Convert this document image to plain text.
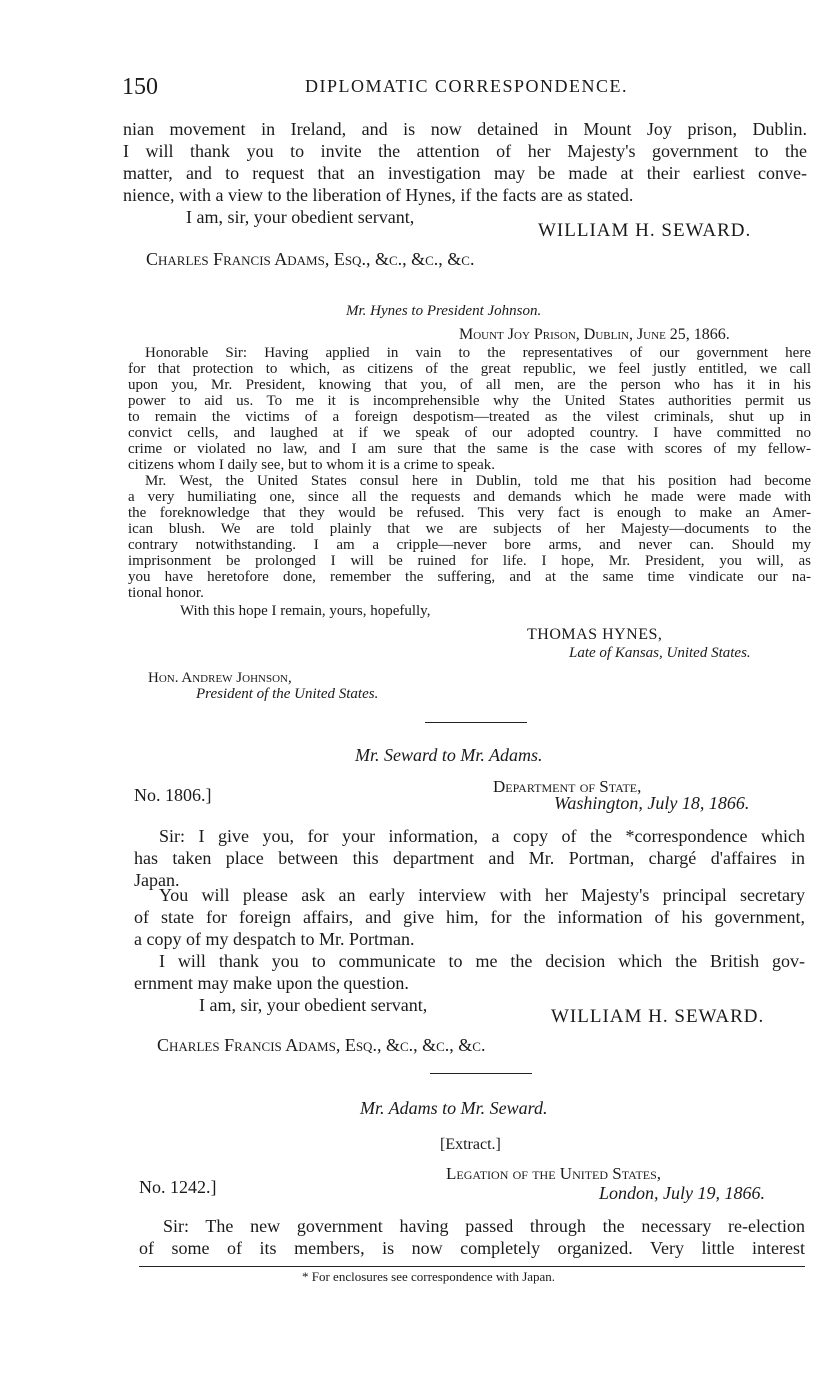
150	DIPLOMATIC CORRESPONDENCE.
nian movement in Ireland, and is now detained in Mount Joy prison, Dublin.
I will thank you to invite the attention of her Majesty's government to the
matter, and to request that an investigation may be made at their earliest conve-
nience, with a view to the liberation of Hynes, if the facts are as stated.
I am, sir, your obedient servant,
WILLIAM H. SEWARD.
Charles Francis Adams, Esq., &c., &c., &c.
Mr. Hynes to President Johnson.
Mount Joy Prison, Dublin, June 25, 1866.
Honorable Sir: Having applied in vain to the representatives of our government here
for that protection to which, as citizens of the great republic, we feel justly entitled, we call
upon you, Mr. President, knowing that you, of all men, are the person who has it in his
power to aid us. To me it is incomprehensible why the United States authorities permit us
to remain the victims of a foreign despotism—treated as the vilest criminals, shut up in
convict cells, and laughed at if we speak of our adopted country. I have committed no
crime or violated no law, and I am sure that the same is the case with scores of my fellow-
citizens whom I daily see, but to whom it is a crime to speak.
Mr. West, the United States consul here in Dublin, told me that his position had become
a very humiliating one, since all the requests and demands which he made were made with
the foreknowledge that they would be refused. This very fact is enough to make an Amer-
ican blush. We are told plainly that we are subjects of her Majesty—documents to the
contrary notwithstanding. I am a cripple—never bore arms, and never can. Should my
imprisonment be prolonged I will be ruined for life. I hope, Mr. President, you will, as
you have heretofore done, remember the suffering, and at the same time vindicate our na-
tional honor.
With this hope I remain, yours, hopefully,
THOMAS HYNES,
Late of Kansas, United States.
Hon. Andrew Johnson,
President of the United States.
Mr. Seward to Mr. Adams.
No. 1806.]	Department of State,
Washington, July 18, 1866.
Sir: I give you, for your information, a copy of the *correspondence which
has taken place between this department and Mr. Portman, chargé d'affaires in
Japan.
You will please ask an early interview with her Majesty's principal secretary
of state for foreign affairs, and give him, for the information of his government,
a copy of my despatch to Mr. Portman.
I will thank you to communicate to me the decision which the British gov-
ernment may make upon the question.
I am, sir, your obedient servant,
WILLIAM H. SEWARD.
Charles Francis Adams, Esq., &c., &c., &c.
Mr. Adams to Mr. Seward.
[Extract.]
No. 1242.]
Legation of the United States,
London, July 19, 1866.
Sir: The new government having passed through the necessary re-election
of some of its members, is now completely organized. Very little interest
* For enclosures see correspondence with Japan.
